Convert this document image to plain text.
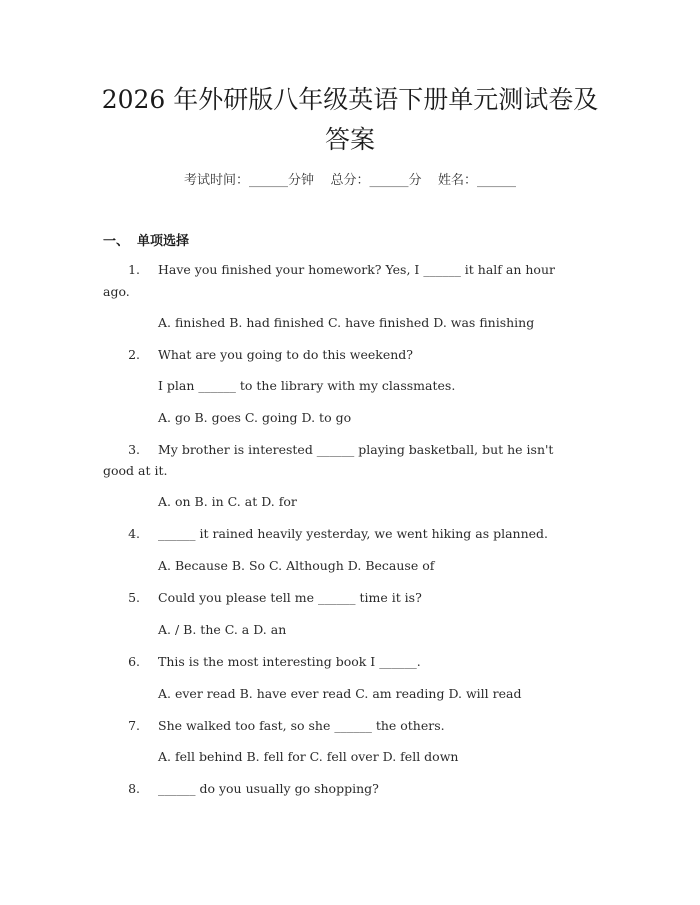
2026 年外研版八年级英语下册单元测试卷及
答案
考试时间：______分钟    总分：______分    姓名：______
一、 单项选择
1. Have you finished your homework? Yes, I ______ it half an hour
ago.
A. finished B. had finished C. have finished D. was finishing
2. What are you going to do this weekend?
I plan ______ to the library with my classmates.
A. go B. goes C. going D. to go
3. My brother is interested ______ playing basketball, but he isn't
good at it.
A. on B. in C. at D. for
4. ______ it rained heavily yesterday, we went hiking as planned.
A. Because B. So C. Although D. Because of
5. Could you please tell me ______ time it is?
A. / B. the C. a D. an
6. This is the most interesting book I ______.
A. ever read B. have ever read C. am reading D. will read
7. She walked too fast, so she ______ the others.
A. fell behind B. fell for C. fell over D. fell down
8. ______ do you usually go shopping?
